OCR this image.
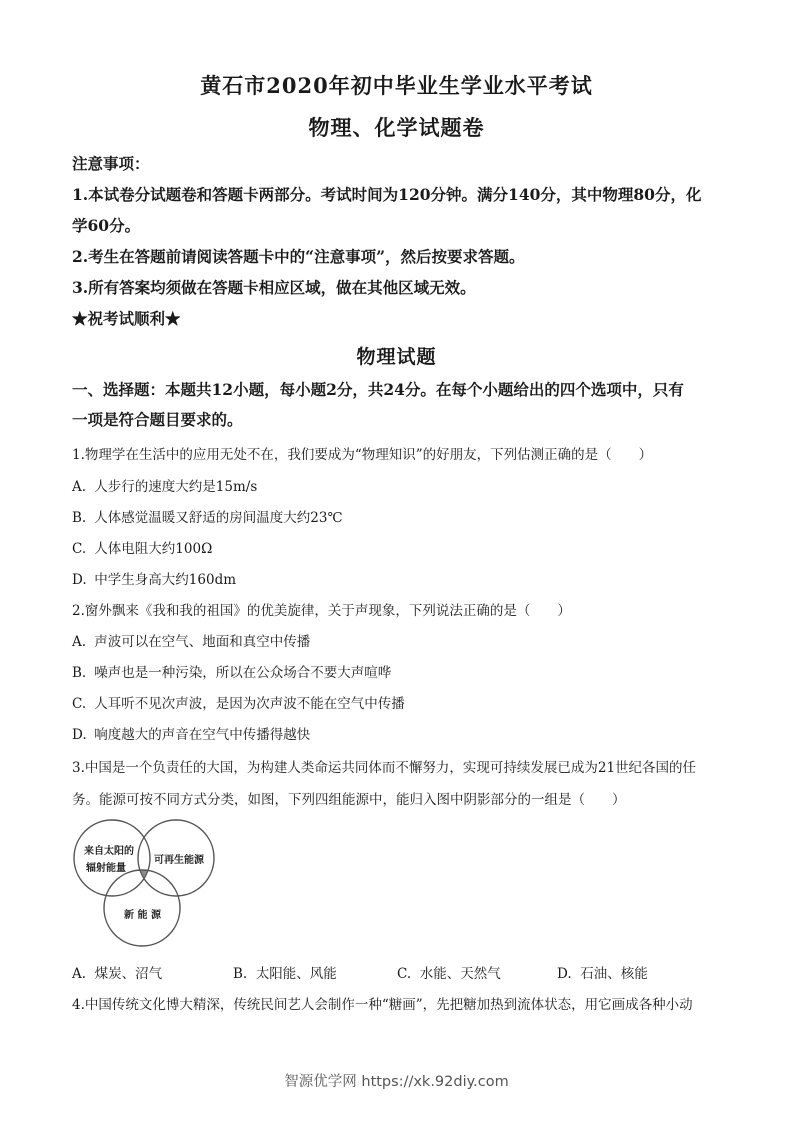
黄石市2020年初中毕业生学业水平考试
物理、化学试题卷
注意事项：
1.本试卷分试题卷和答题卡两部分。考试时间为120分钟。满分140分，其中物理80分，化
学60分。
2.考生在答题前请阅读答题卡中的“注意事项”，然后按要求答题。
3.所有答案均须做在答题卡相应区域，做在其他区域无效。
★祝考试顺利★
物理试题
一、选择题：本题共12小题，每小题2分，共24分。在每个小题给出的四个选项中，只有
一项是符合题目要求的。
1.物理学在生活中的应用无处不在，我们要成为“物理知识”的好朋友，下列估测正确的是（　　）
A. 人步行的速度大约是15m/s
B. 人体感觉温暖又舒适的房间温度大约23℃
C. 人体电阻大约100Ω
D. 中学生身高大约160dm
2.窗外飘来《我和我的祖国》的优美旋律，关于声现象，下列说法正确的是（　　）
A. 声波可以在空气、地面和真空中传播
B. 噪声也是一种污染，所以在公众场合不要大声喧哗
C. 人耳听不见次声波，是因为次声波不能在空气中传播
D. 响度越大的声音在空气中传播得越快
3.中国是一个负责任的大国，为构建人类命运共同体而不懈努力，实现可持续发展已成为21世纪各国的任
务。能源可按不同方式分类，如图，下列四组能源中，能归入图中阴影部分的一组是（　　）
来自太阳的
辐射能量
可再生能源
新 能 源
A. 煤炭、沼气	B. 太阳能、风能	C. 水能、天然气	D. 石油、核能
4.中国传统文化博大精深，传统民间艺人会制作一种“糖画”，先把糖加热到流体状态，用它画成各种小动
智源优学网 https://xk.92diy.com
